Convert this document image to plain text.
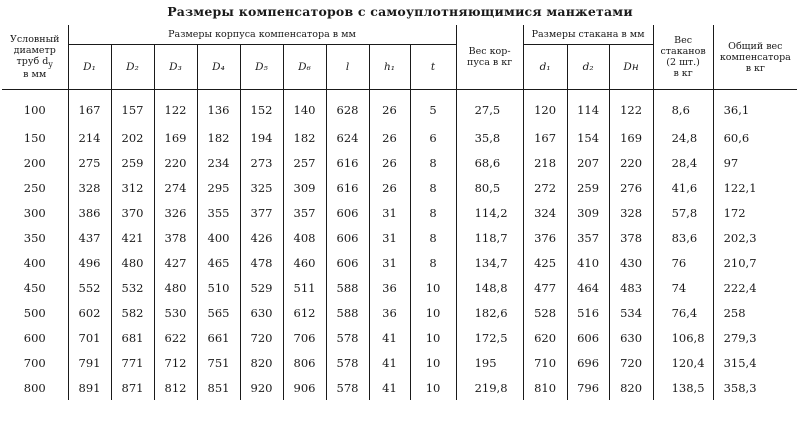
Размеры компенсаторов с самоуплотняющимися манжетами
Условный
диаметр
труб $d_у$
в мм	Размеры корпуса компенсатора в мм									Вес кор-
пуса в кг	Размеры стакана в мм			Вес
стаканов
(2 шт.)
в кг	Общий вес
компенсатора
в кг
	D₁	D₂	D₃	D₄	D₅	D₆	l	h₁	t		d₁	d₂	Dн		
100	167	157	122	136	152	140	628	26	5	27,5	120	114	122	8,6	36,1
150	214	202	169	182	194	182	624	26	6	35,8	167	154	169	24,8	60,6
200	275	259	220	234	273	257	616	26	8	68,6	218	207	220	28,4	97
250	328	312	274	295	325	309	616	26	8	80,5	272	259	276	41,6	122,1
300	386	370	326	355	377	357	606	31	8	114,2	324	309	328	57,8	172
350	437	421	378	400	426	408	606	31	8	118,7	376	357	378	83,6	202,3
400	496	480	427	465	478	460	606	31	8	134,7	425	410	430	76	210,7
450	552	532	480	510	529	511	588	36	10	148,8	477	464	483	74	222,4
500	602	582	530	565	630	612	588	36	10	182,6	528	516	534	76,4	258
600	701	681	622	661	720	706	578	41	10	172,5	620	606	630	106,8	279,3
700	791	771	712	751	820	806	578	41	10	195	710	696	720	120,4	315,4
800	891	871	812	851	920	906	578	41	10	219,8	810	796	820	138,5	358,3
